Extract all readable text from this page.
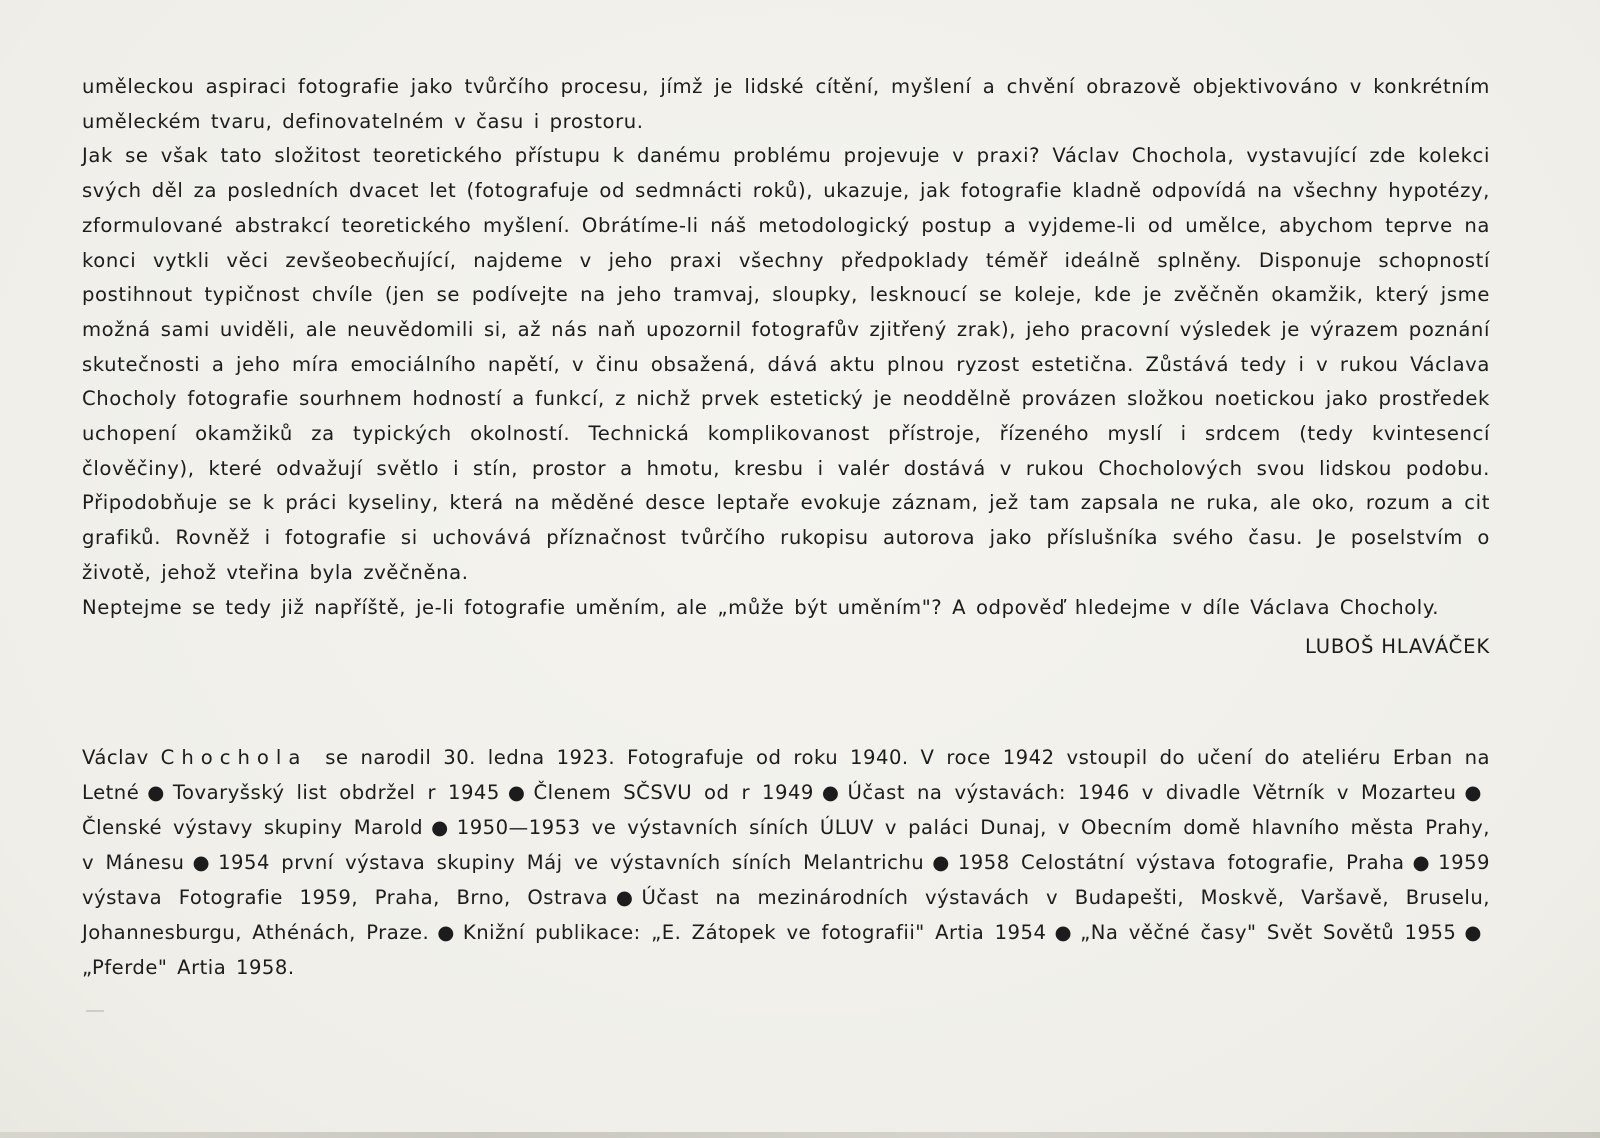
uměleckou aspiraci fotografie jako tvůrčího procesu, jímž je lidské cítění, myšlení a chvění obrazově objektivováno v konkrétním uměleckém tvaru, definovatelném v času i prostoru.

Jak se však tato složitost teoretického přístupu k danému problému projevuje v praxi? Václav Chochola, vystavující zde kolekci svých děl za posledních dvacet let (fotografuje od sedmnácti roků), ukazuje, jak fotografie kladně odpovídá na všechny hypotézy, zformulované abstrakcí teoretického myšlení. Obrátíme-li náš metodologický postup a vyjdeme-li od umělce, abychom teprve na konci vytkli věci zevšeobecňující, najdeme v jeho praxi všechny předpoklady téměř ideálně splněny. Disponuje schopností postihnout typičnost chvíle (jen se podívejte na jeho tramvaj, sloupky, lesknoucí se koleje, kde je zvěčněn okamžik, který jsme možná sami uviděli, ale neuvědomili si, až nás naň upozornil fotografův zjitřený zrak), jeho pracovní výsledek je výrazem poznání skutečnosti a jeho míra emociálního napětí, v činu obsažená, dává aktu plnou ryzost estetična. Zůstává tedy i v rukou Václava Chocholy fotografie sourhnem hodností a funkcí, z nichž prvek estetický je neoddělně provázen složkou noetickou jako prostředek uchopení okamžiků za typických okolností. Technická komplikovanost přístroje, řízeného myslí i srdcem (tedy kvintesencí člověčiny), které odvažují světlo i stín, prostor a hmotu, kresbu i valér dostává v rukou Chocholových svou lidskou podobu. Připodobňuje se k práci kyseliny, která na měděné desce leptaře evokuje záznam, jež tam zapsala ne ruka, ale oko, rozum a cit grafiků. Rovněž i fotografie si uchovává příznačnost tvůrčího rukopisu autorova jako příslušníka svého času. Je poselstvím o životě, jehož vteřina byla zvěčněna.

Neptejme se tedy již napříště, je-li fotografie uměním, ale „může být uměním"? A odpověď hledejme v díle Václava Chocholy.

LUBOŠ HLAVÁČEK

Václav Chochola se narodil 30. ledna 1923. Fotografuje od roku 1940. V roce 1942 vstoupil do učení do ateliéru Erban na Letné ● Tovaryšský list obdržel r 1945 ● Členem SČSVU od r 1949 ● Účast na výstavách: 1946 v divadle Větrník v Mozarteu ●Členské výstavy skupiny Marold ● 1950—1953 ve výstavních síních ÚLUV v paláci Dunaj, v Obecním domě hlavního města Prahy, v Mánesu ● 1954 první výstava skupiny Máj ve výstavních síních Melantrichu ● 1958 Celostátní výstava fotografie, Praha ● 1959 výstava Fotografie 1959, Praha, Brno, Ostrava ● Účast na mezinárodních výstavách v Budapešti, Moskvě, Varšavě, Bruselu, Johannesburgu, Athénách, Praze. ● Knižní publikace: „E. Zátopek ve fotografii" Artia 1954 ● „Na věčné časy" Svět Sovětů 1955 ●„Pferde" Artia 1958.
